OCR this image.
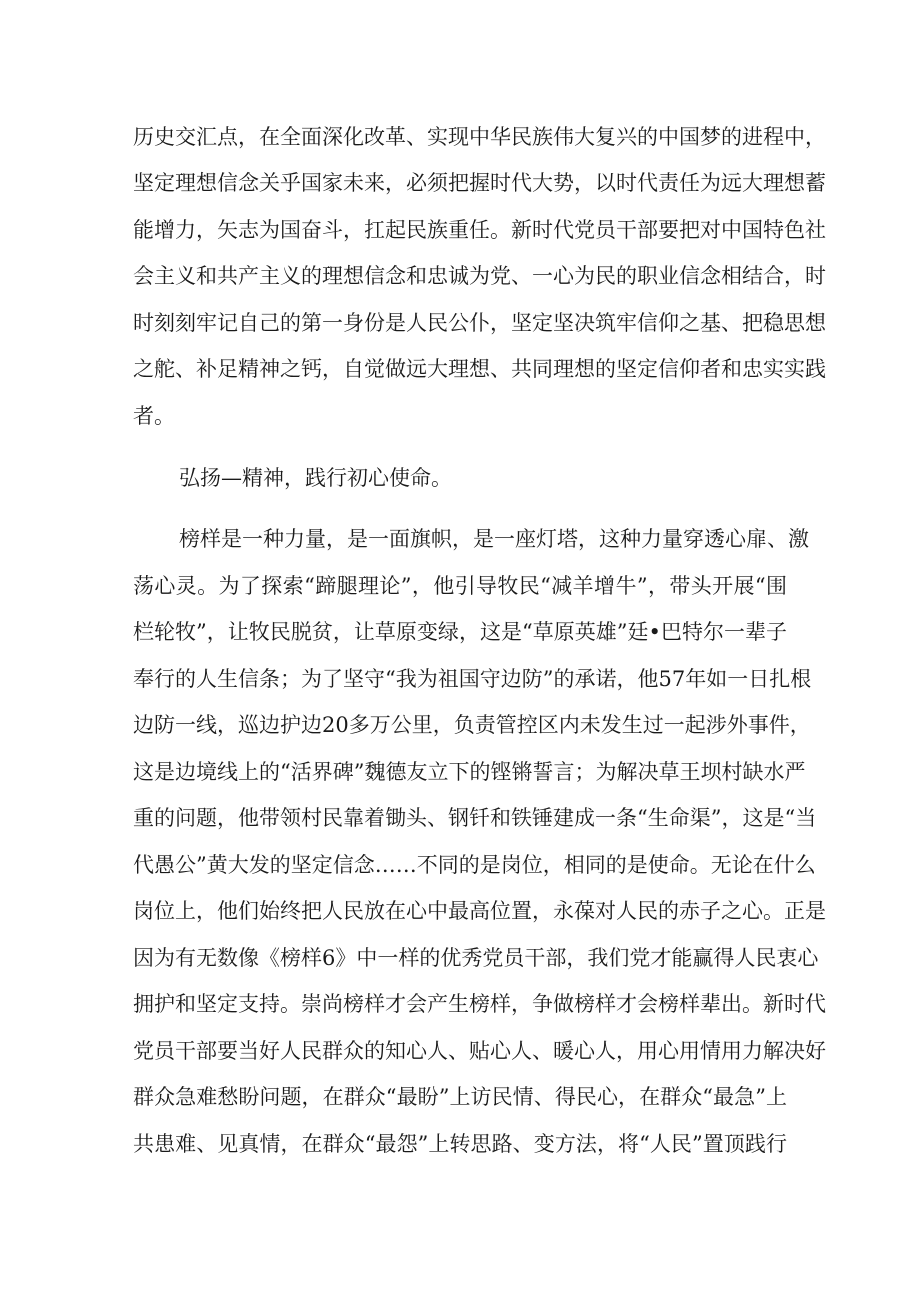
历史交汇点，在全面深化改革、实现中华民族伟大复兴的中国梦的进程中，
坚定理想信念关乎国家未来，必须把握时代大势，以时代责任为远大理想蓄
能增力，矢志为国奋斗，扛起民族重任。新时代党员干部要把对中国特色社
会主义和共产主义的理想信念和忠诚为党、一心为民的职业信念相结合，时
时刻刻牢记自己的第一身份是人民公仆，坚定坚决筑牢信仰之基、把稳思想
之舵、补足精神之钙，自觉做远大理想、共同理想的坚定信仰者和忠实实践
者。
弘扬—精神，践行初心使命。
榜样是一种力量，是一面旗帜，是一座灯塔，这种力量穿透心扉、激
荡心灵。为了探索“蹄腿理论”，他引导牧民“减羊增牛”，带头开展“围
栏轮牧”，让牧民脱贫，让草原变绿，这是“草原英雄”廷•巴特尔一辈子
奉行的人生信条；为了坚守“我为祖国守边防”的承诺，他57年如一日扎根
边防一线，巡边护边20多万公里，负责管控区内未发生过一起涉外事件，
这是边境线上的“活界碑”魏德友立下的铿锵誓言；为解决草王坝村缺水严
重的问题，他带领村民靠着锄头、钢钎和铁锤建成一条“生命渠”，这是“当
代愚公”黄大发的坚定信念……不同的是岗位，相同的是使命。无论在什么
岗位上，他们始终把人民放在心中最高位置，永葆对人民的赤子之心。正是
因为有无数像《榜样6》中一样的优秀党员干部，我们党才能赢得人民衷心
拥护和坚定支持。崇尚榜样才会产生榜样，争做榜样才会榜样辈出。新时代
党员干部要当好人民群众的知心人、贴心人、暖心人，用心用情用力解决好
群众急难愁盼问题，在群众“最盼”上访民情、得民心，在群众“最急”上
共患难、见真情，在群众“最怨”上转思路、变方法，将“人民”置顶践行
